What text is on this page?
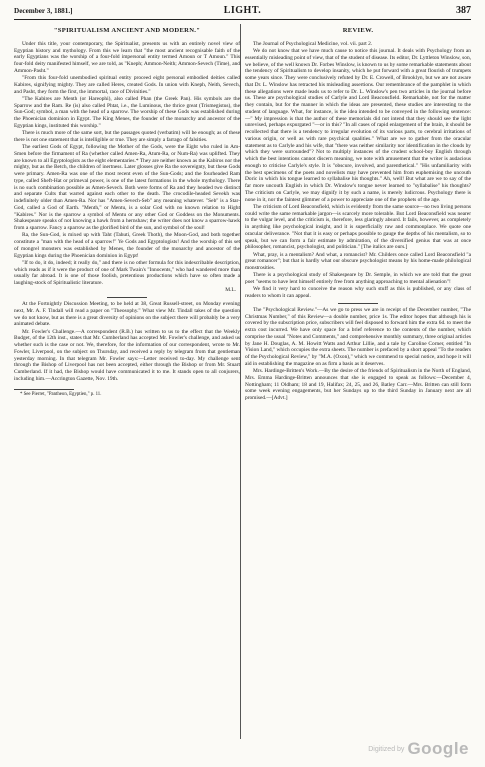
December 3, 1881.]	LIGHT.	387
"SPIRITUALISM ANCIENT AND MODERN."

Under this title, your contemporary, the Spiritualist, presents us with an entirely novel view of Egyptian history and mythology. From this we learn that "the most ancient recognisable faith of the early Egyptians was the worship of a four-fold impersonal entity termed Amoun or T Amoun." This four-fold deity manifested himself, we are told, as "Kneph; Ammon-Neith; Ammon-Sevech (Time), and Ammon-Pasht."

"From this four-fold unembodied spiritual entity proceed eight personal embodied deities called Kabires, signifying mighty. They are called Heres, created Gods. In union with Kneph, Neith, Sevech, and Pasht, they form the first, the immortal, race of Divinities."

"The Kabires are Menth (or Hareophi), also called Phan (the Greek Pan). His symbols are the Sparrow and the Ram. Re (is) also called Phtat, i.e., the Luminous, the thrice great (Trismegistus), the Sun-God; symbol, a man with the head of a sparrow. The worship of these Gods was established during the Phoenician dominion in Egypt. The King Menes, the founder of the monarchy and ancestor of the Egyptian kings, instituted this worship."

There is much more of the same sort, but the passages quoted (verbatim) will be enough; as of these there is not one statement that is intelligible or true. They are simply a farrago of falsities.

The earliest Gods of Egypt, following the Mother of the Gods, were the Eight who ruled in Am-Smen before the firmament of Ra (whether called Amen-Ra, Atum-Ra, or Num-Ra) was uplifted. They are known to all Egyptologists as the eight elementaries.* They are neither known as the Kabiros nor the mighty, but as the Betch, the children of inertness. Later glosses give Ra the sovereignty, but these Gods were primary. Amen-Ra was one of the most recent even of the Sun-Gods; and the fourheaded Ram type, called Sheft-Hat or primeval power, is one of the latest formations in the whole mythology. There is no such combination possible as Amen-Sevech. Both were forms of Ra and they headed two distinct and separate Cults that warred against each other to the death. The crocodile-headed Sevekh was indefinitely older than Amen-Ra. Nor has "Amen-Sevech-Seb" any meaning whatever. "Seb" is a Star-God, called a God of Earth. "Menth," or Mentu, is a solar God with no known relation to Hight "Kabires." Nor is the sparrow a symbol of Mentu or any other God or Goddess on the Monuments. Shakespeare speaks of not knowing a hawk from a hernshaw; the writer does not know a sparrow-hawk from a sparrow. Fancy a sparrow as the glorified bird of the sun, and symbol of the soul!

Ra, the Sun-God, is mixed up with Taht (Tahuti, Greek Thoth), the Moon-God, and both together constitute a "man with the head of a sparrow!" Ye Gods and Egyptologists! And the worship of this set of mongrel monsters was established by Menes, the founder of the monarchy and ancestor of the Egyptian kings during the Phoenician dominion in Egypt!

"If to do, it do, indeed; it really do," and there is no other formula for this indescribable description, which reads as if it were the product of one of Mark Twain's "Innocents," who had wandered more than usually far abroad. It is one of those foolish, pretentious productions which have so often made a laughing-stock of Spiritualistic literature.

M.L.

At the Fortnightly Discussion Meeting, to be held at 38, Great Russell-street, on Monday evening next, Mr. A. F. Tindall will read a paper on "Theosophy." What view Mr. Tindall takes of the question we do not know, but as there is a great diversity of opinions on the subject there will probably be a very animated debate.

Mr. Fowler's Challenge.—A correspondent (R.B.) has written to us to the effect that the Weekly Budget, of the 12th inst., states that Mr. Cumberland has accepted Mr. Fowler's challenge, and asked us whether such is the case or not. We, therefore, for the information of our correspondent, wrote to Mr. Fowler, Liverpool, on the subject on Thursday, and received a reply by telegram from that gentleman yesterday morning. In that telegram Mr. Fowler says:—Letter received to-day. My challenge sent through the Bishop of Liverpool has not been accepted, either through the Bishop or from Mr. Stuart Cumberland. If it had, the Bishop would have communicated it to me. It stands open to all conjurers, including him.—Accrington Gazette, Nov. 19th.

* See Pierret, "Pantheon, Egyptien," p. 11.

REVIEW.

The Journal of Psychological Medicine, vol. vii. part 2.

We do not know that we have much cause to notice this journal. It deals with Psychology from an essentially misleading point of view, that of the student of disease. Its editor, Dr. Lyttleton Winslow, son, we believe, of the well known Dr. Forbes Winslow, is known to us by some remarkable statements about the tendency of Spiritualism to develop insanity, which he put forward with a great flourish of trumpets some years since. They were conclusively refuted by Dr. E. Crowell, of Brooklyn, but we are not aware that Dr. L. Winslow has retracted his misleading assertions. Our remembrance of the pamphlet in which these allegations were made leads us to refer to Dr. L. Winslow's pen two articles in the journal before us. These are psychological studies of Carlyle and Lord Beaconsfield. Remarkable, not for the matter they contain, but for the manner in which the ideas are presented, these studies are interesting to the student of language. What, for instance, is the idea intended to be conveyed in the following sentence:—" My impression is that the author of these memorials did not intend that they should see the light unrevised, perhaps expurgated "—or in this? "In all cases of rapid enlargement of the brain, it should be recollected that there is a tendency to irregular evolution of its various parts, to cerebral irritations of various origin, or well as with rare psychical qualities." What are we to gather from the oracular statement as to Carlyle and his wife, that "there was neither similarity nor identification in the clouds by which they were surrounded"? Not to multiply instances of the crudest school-boy English through which the best intentions cannot discern meaning, we note with amusement that the writer is audacious enough to criticise Carlyle's style. It is "obscure, involved, and parenthetical." "His unfamiliarity with the best specimens of the poets and novelists may have prevented him from euphemising the uncouth Doric in which his tongue learned to syllabalise his thoughts." Ah, well! But what are we to say of the far more uncouth English in which Dr. Winslow's tongue never learned to "syllabalise" his thoughts? The criticism on Carlyle, we may dignify it by such a name, is merely ludicrous. Psychology there is none in it, nor the faintest glimmer of a power to appreciate one of the prophets of the age.

The criticism of Lord Beaconsfield, which is evidently from the same source—no two living persons could write the same remarkable jargon—is scarcely more tolerable. But Lord Beaconsfield was nearer to the vulgar level, and the criticism is, therefore, less glaringly absurd. It fails, however, as completely in anything like psychological insight, and it is superficially raw and commonplace. We quote one oracular deliverance. "Not that it is easy or perhaps possible to gauge the depths of his mentalism, so to speak, but we can form a fair estimate by admiration, of the diversified genius that was at once philosopher, romancist, psychologist, and politician." [The italics are ours.]

What, pray, is a mentalism? And what, a romancist? Mr. Childers once called Lord Beaconsfield "a great romancer"; but that is hardly what our obscure psychologist means by his home-made philological monstrosities.

There is a psychological study of Shakespeare by Dr. Semple, in which we are told that the great poet "seems to have lent himself entirely free from anything approaching to mental alienation"!

We find it very hard to conceive the reason why such stuff as this is published, or any class of readers to whom it can appeal.

The "Psychological Review."—As we go to press we are in receipt of the December number, "The Christmas Number," of this Review—a double number, price 1s. The editor hopes that although his is covered by the subscription price, subscribers will feel disposed to forward him the extra 6d. to meet the extra cost incurred. We have only space for a brief reference to the contents of the number, which comprise the usual "Notes and Comments," and comprehensive monthly summary, three original articles by Jane H. Douglas, A. M. Howitt Watts and Arthur Lillie, and a tale by Caroline Corner, entitled "In Vision Land," which occupies the extra sheets. The number is prefaced by a short appeal "To the readers of the Psychological Review," by "M.A. (Oxon)," which we commend to special notice, and hope it will aid in establishing the magazine on as firm a basis as it deserves.

Mrs. Hardinge-Britten's Work.—By the desire of the friends of Spiritualism in the North of England, Mrs. Emma Hardinge-Britten announces that she is engaged to speak as follows:—December 4, Nottingham; 11 Oldham; 18 and 19, Halifax; 24, 25, and 26, Batley Carr.—Mrs. Britten can still form some week evening engagements, but her Sundays up to the third Sunday in January next are all promised.—[Advt.]

Digitized by Google
